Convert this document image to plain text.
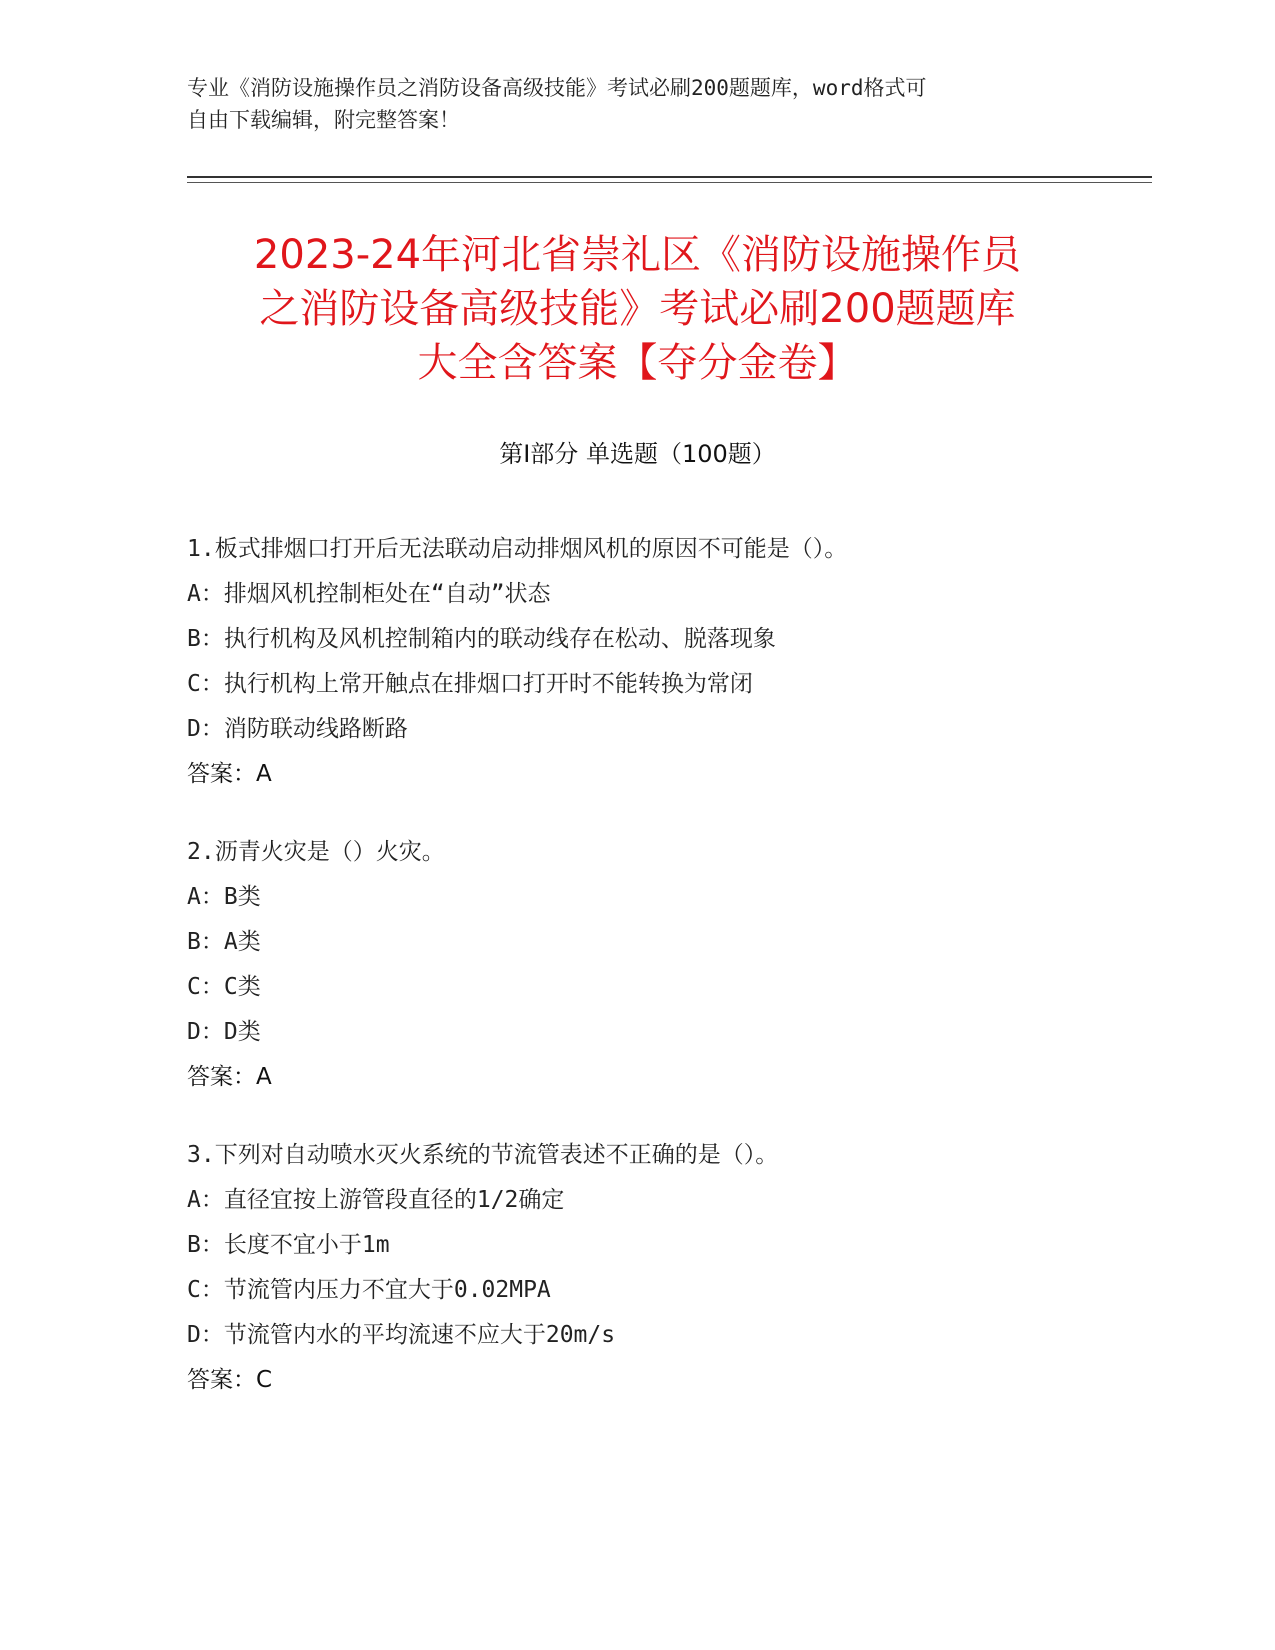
专业《消防设施操作员之消防设备高级技能》考试必刷200题题库，word格式可
自由下载编辑，附完整答案！
2023-24年河北省崇礼区《消防设施操作员
之消防设备高级技能》考试必刷200题题库
大全含答案【夺分金卷】
第Ⅰ部分 单选题（100题）
1.板式排烟口打开后无法联动启动排烟风机的原因不可能是（）。
A：排烟风机控制柜处在“自动”状态
B：执行机构及风机控制箱内的联动线存在松动、脱落现象
C：执行机构上常开触点在排烟口打开时不能转换为常闭
D：消防联动线路断路
答案：A
2.沥青火灾是（）火灾。
A：B类
B：A类
C：C类
D：D类
答案：A
3.下列对自动喷水灭火系统的节流管表述不正确的是（）。
A：直径宜按上游管段直径的1/2确定
B：长度不宜小于1m
C：节流管内压力不宜大于0.02MPA
D：节流管内水的平均流速不应大于20m/s
答案：C
